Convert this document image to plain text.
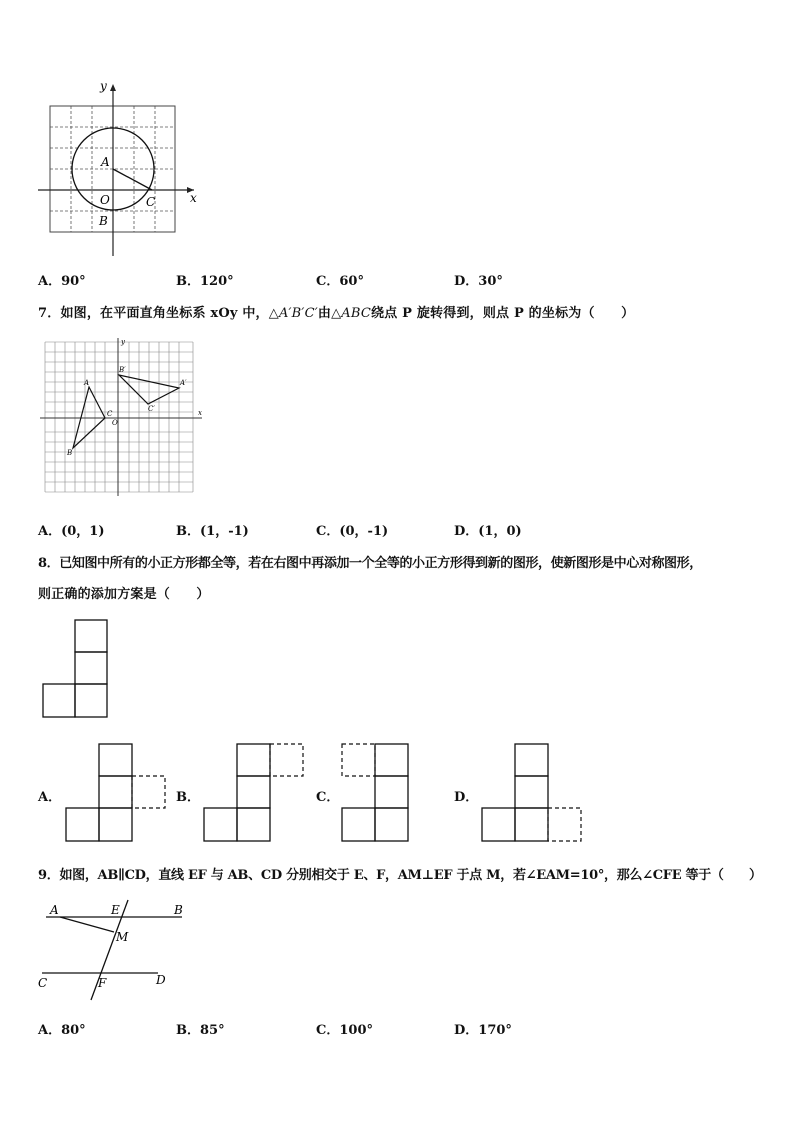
y
x
A
O	C
B
A．90°	B．120°	C．60°	D．30°
7．如图，在平面直角坐标系 xOy 中，△A′B′C′由△ABC绕点 P 旋转得到，则点 P 的坐标为（　　）
y
x
O
A
B
C
A′
B′
C′
A．(0，1)	B．(1，-1)	C．(0，-1)	D．(1，0)
8．已知图中所有的小正方形都全等，若在右图中再添加一个全等的小正方形得到新的图形，使新图形是中心对称图形，
则正确的添加方案是（　　）
A．	B．	C．	D．
9．如图，AB∥CD，直线 EF 与 AB、CD 分别相交于 E、F，AM⊥EF 于点 M，若∠EAM=10°，那么∠CFE 等于（　　）
A	E	B
M
C	F	D
A．80°	B．85°	C．100°	D．170°
